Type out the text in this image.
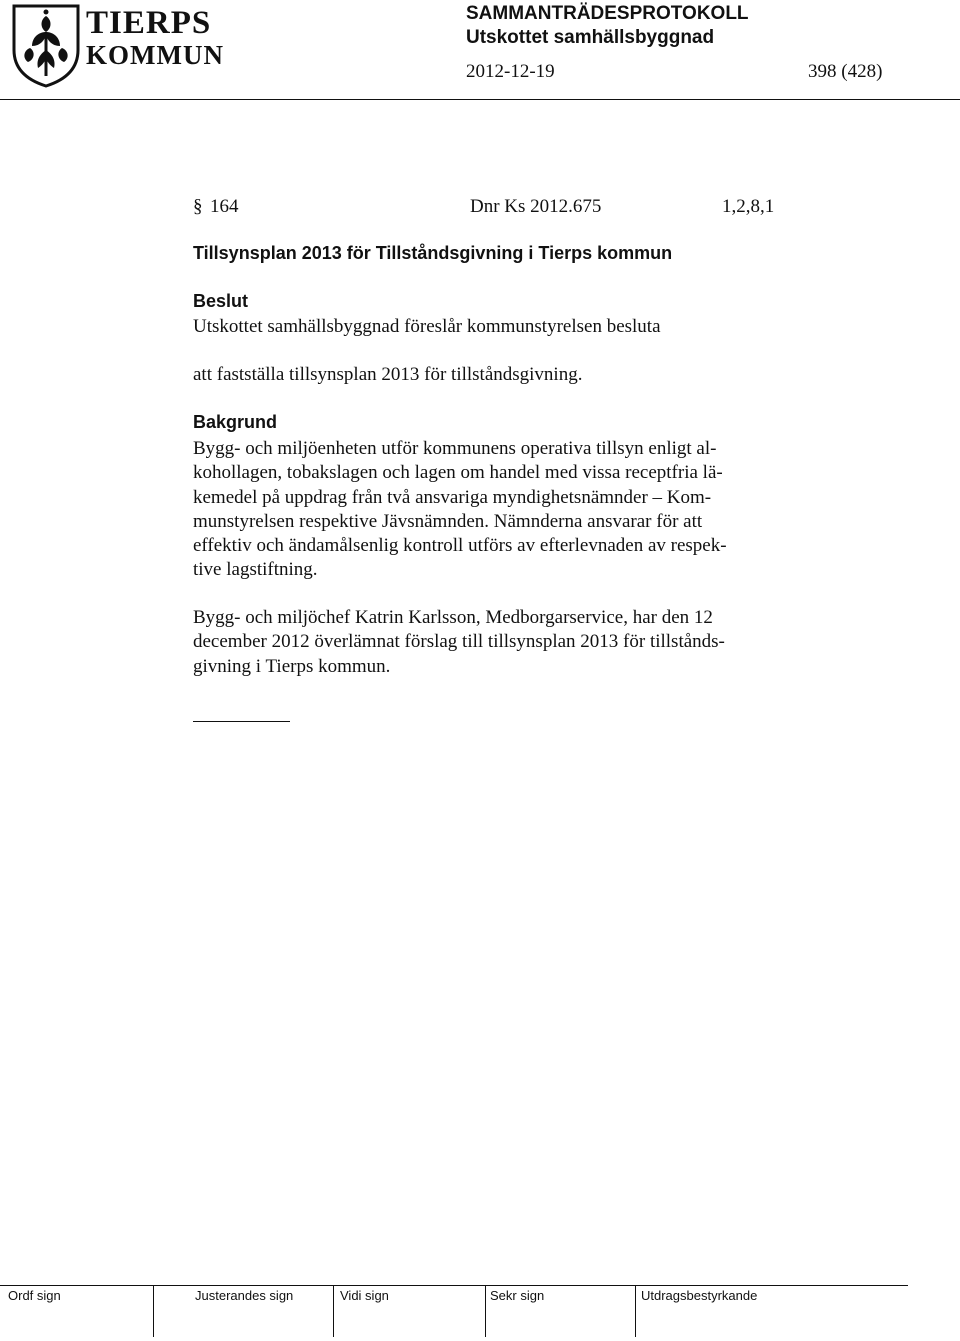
TIERPS
KOMMUN
SAMMANTRÄDESPROTOKOLL
Utskottet samhällsbyggnad
2012-12-19	398 (428)
§ 164	Dnr Ks 2012.675	1,2,8,1
Tillsynsplan 2013 för Tillståndsgivning i Tierps kommun
Beslut
Utskottet samhällsbyggnad föreslår kommunstyrelsen besluta
att fastställa tillsynsplan 2013 för tillståndsgivning.
Bakgrund
Bygg- och miljöenheten utför kommunens operativa tillsyn enligt al-
kohollagen, tobakslagen och lagen om handel med vissa receptfria lä-
kemedel på uppdrag från två ansvariga myndighetsnämnder – Kom-
munstyrelsen respektive Jävsnämnden. Nämnderna ansvarar för att
effektiv och ändamålsenlig kontroll utförs av efterlevnaden av respek-
tive lagstiftning.
Bygg- och miljöchef Katrin Karlsson, Medborgarservice, har den 12
december 2012 överlämnat förslag till tillsynsplan 2013 för tillstånds-
givning i Tierps kommun.
Ordf sign	Justerandes sign	Vidi sign	Sekr sign	Utdragsbestyrkande
